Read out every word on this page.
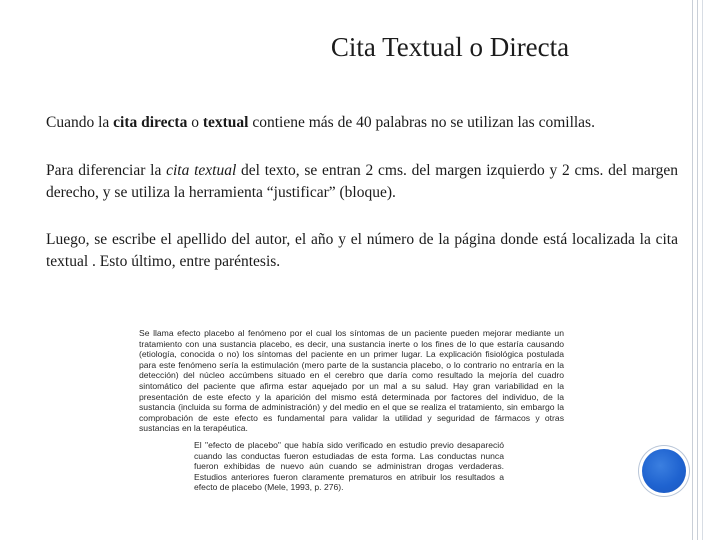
Cita Textual o Directa

Cuando la cita directa o textual contiene más de 40 palabras no se utilizan las comillas.

Para diferenciar la cita textual del texto, se entran 2 cms. del margen izquierdo y 2 cms. del margen derecho, y se utiliza la herramienta “justificar” (bloque).

Luego, se escribe el apellido del autor, el año y el número de la página donde está localizada la cita textual . Esto último, entre paréntesis.

Se llama efecto placebo al fenómeno por el cual los síntomas de un paciente pueden mejorar mediante un tratamiento con una sustancia placebo, es decir, una sustancia inerte o los fines de lo que estaría causando (etiología, conocida o no) los síntomas del paciente en un primer lugar. La explicación fisiológica postulada para este fenómeno sería la estimulación (mero parte de la sustancia placebo, o lo contrario no entraría en la detección) del núcleo accúmbens situado en el cerebro que daría como resultado la mejoría del cuadro sintomático del paciente que afirma estar aquejado por un mal a su salud. Hay gran variabilidad en la presentación de este efecto y la aparición del mismo está determinada por factores del individuo, de la sustancia (incluida su forma de administración) y del medio en el que se realiza el tratamiento, sin embargo la comprobación de este efecto es fundamental para validar la utilidad y seguridad de fármacos y otras sustancias en la terapéutica.

El "efecto de placebo" que había sido verificado en estudio previo desapareció cuando las conductas fueron estudiadas de esta forma. Las conductas nunca fueron exhibidas de nuevo aún cuando se administran drogas verdaderas. Estudios anteriores fueron claramente prematuros en atribuir los resultados a efecto de placebo (Mele, 1993, p. 276).
